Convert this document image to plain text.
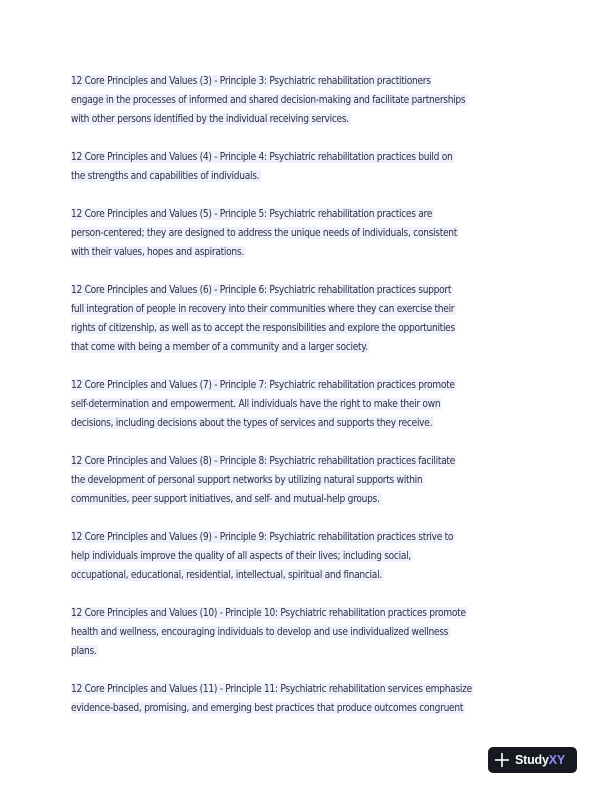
12 Core Principles and Values (3) - Principle 3: Psychiatric rehabilitation practitioners
engage in the processes of informed and shared decision-making and facilitate partnerships
with other persons identified by the individual receiving services.

12 Core Principles and Values (4) - Principle 4: Psychiatric rehabilitation practices build on
the strengths and capabilities of individuals.

12 Core Principles and Values (5) - Principle 5: Psychiatric rehabilitation practices are
person-centered; they are designed to address the unique needs of individuals, consistent
with their values, hopes and aspirations.

12 Core Principles and Values (6) - Principle 6: Psychiatric rehabilitation practices support
full integration of people in recovery into their communities where they can exercise their
rights of citizenship, as well as to accept the responsibilities and explore the opportunities
that come with being a member of a community and a larger society.

12 Core Principles and Values (7) - Principle 7: Psychiatric rehabilitation practices promote
self-determination and empowerment. All individuals have the right to make their own
decisions, including decisions about the types of services and supports they receive.

12 Core Principles and Values (8) - Principle 8: Psychiatric rehabilitation practices facilitate
the development of personal support networks by utilizing natural supports within
communities, peer support initiatives, and self- and mutual-help groups.

12 Core Principles and Values (9) - Principle 9: Psychiatric rehabilitation practices strive to
help individuals improve the quality of all aspects of their lives; including social,
occupational, educational, residential, intellectual, spiritual and financial.

12 Core Principles and Values (10) - Principle 10: Psychiatric rehabilitation practices promote
health and wellness, encouraging individuals to develop and use individualized wellness
plans.

12 Core Principles and Values (11) - Principle 11: Psychiatric rehabilitation services emphasize
evidence-based, promising, and emerging best practices that produce outcomes congruent

StudyXY
